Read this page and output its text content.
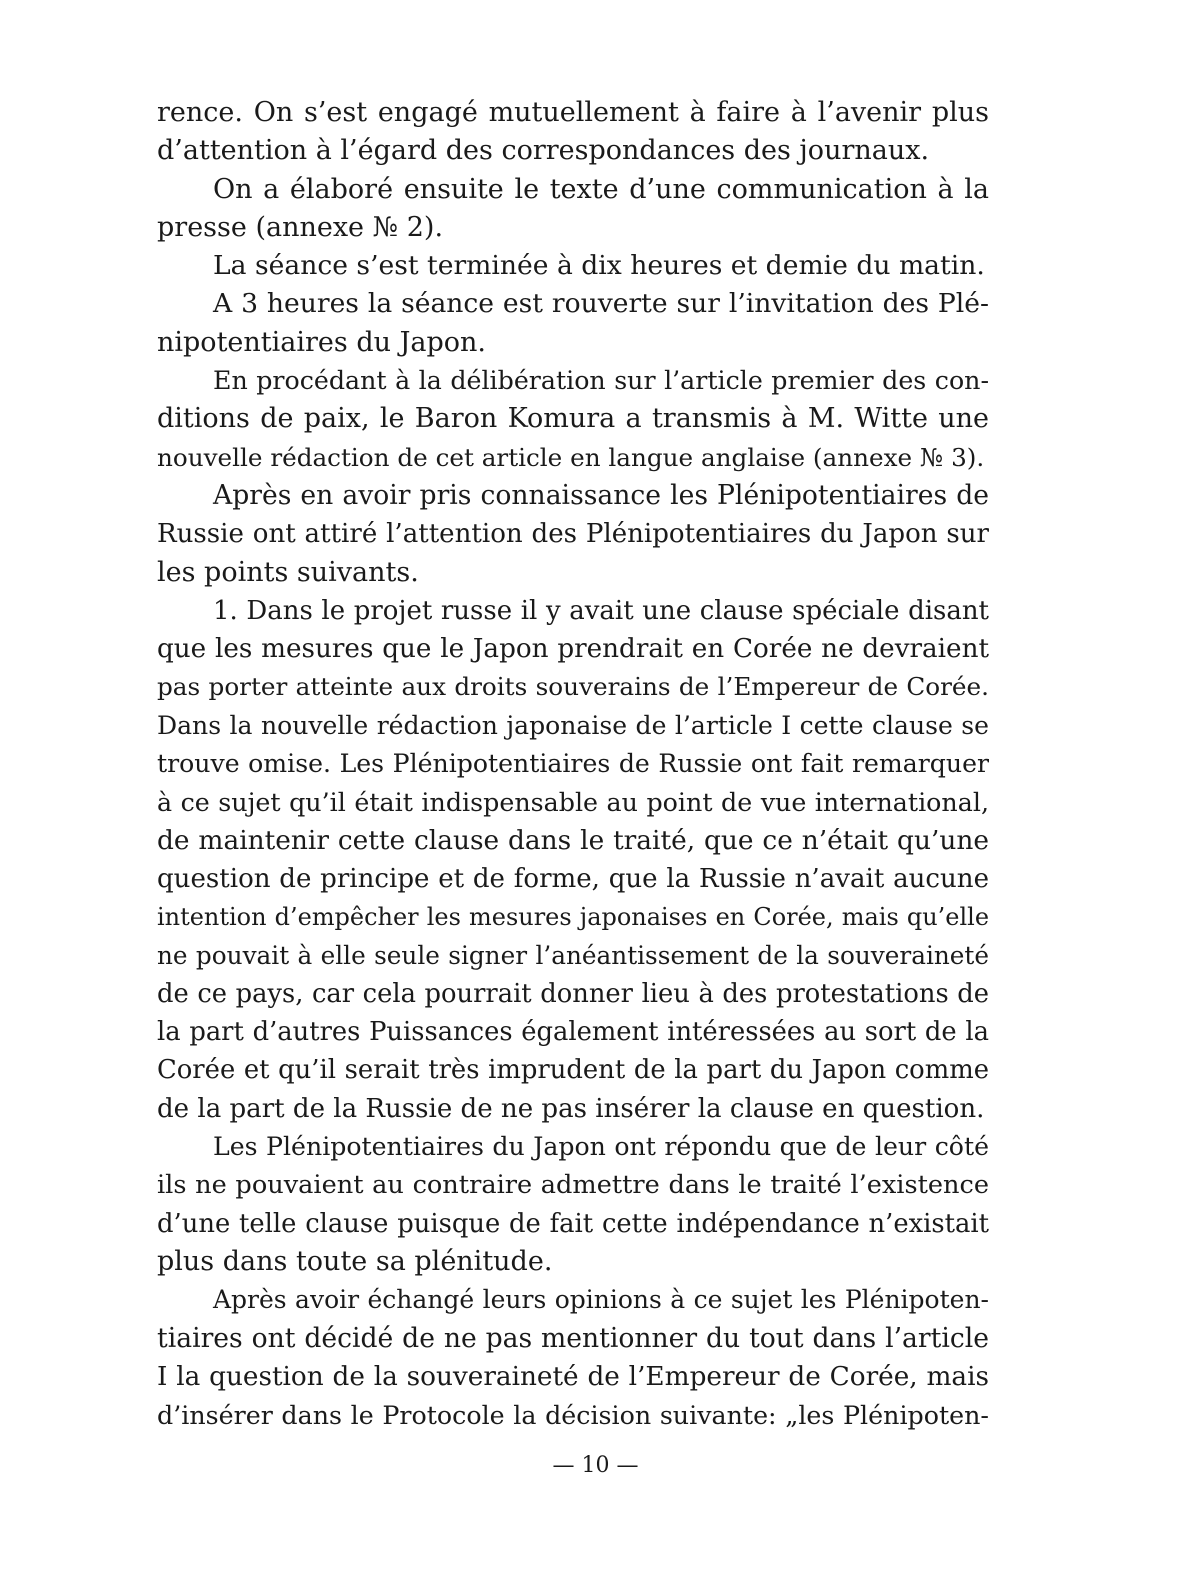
rence. On s’est engagé mutuellement à faire à l’avenir plus
d’attention à l’égard des correspondances des journaux.
On a élaboré ensuite le texte d’une communication à la
presse (annexe № 2).
La séance s’est terminée à dix heures et demie du matin.
A 3 heures la séance est rouverte sur l’invitation des Plé-
nipotentiaires du Japon.
En procédant à la délibération sur l’article premier des con-
ditions de paix, le Baron Komura a transmis à M. Witte une
nouvelle rédaction de cet article en langue anglaise (annexe № 3).
Après en avoir pris connaissance les Plénipotentiaires de
Russie ont attiré l’attention des Plénipotentiaires du Japon sur
les points suivants.
1. Dans le projet russe il y avait une clause spéciale disant
que les mesures que le Japon prendrait en Corée ne devraient
pas porter atteinte aux droits souverains de l’Empereur de Corée.
Dans la nouvelle rédaction japonaise de l’article I cette clause se
trouve omise. Les Plénipotentiaires de Russie ont fait remarquer
à ce sujet qu’il était indispensable au point de vue international,
de maintenir cette clause dans le traité, que ce n’était qu’une
question de principe et de forme, que la Russie n’avait aucune
intention d’empêcher les mesures japonaises en Corée, mais qu’elle
ne pouvait à elle seule signer l’anéantissement de la souveraineté
de ce pays, car cela pourrait donner lieu à des protestations de
la part d’autres Puissances également intéressées au sort de la
Corée et qu’il serait très imprudent de la part du Japon comme
de la part de la Russie de ne pas insérer la clause en question.
Les Plénipotentiaires du Japon ont répondu que de leur côté
ils ne pouvaient au contraire admettre dans le traité l’existence
d’une telle clause puisque de fait cette indépendance n’existait
plus dans toute sa plénitude.
Après avoir échangé leurs opinions à ce sujet les Plénipoten-
tiaires ont décidé de ne pas mentionner du tout dans l’article
I la question de la souveraineté de l’Empereur de Corée, mais
d’insérer dans le Protocole la décision suivante: „les Plénipoten-
— 10 —
